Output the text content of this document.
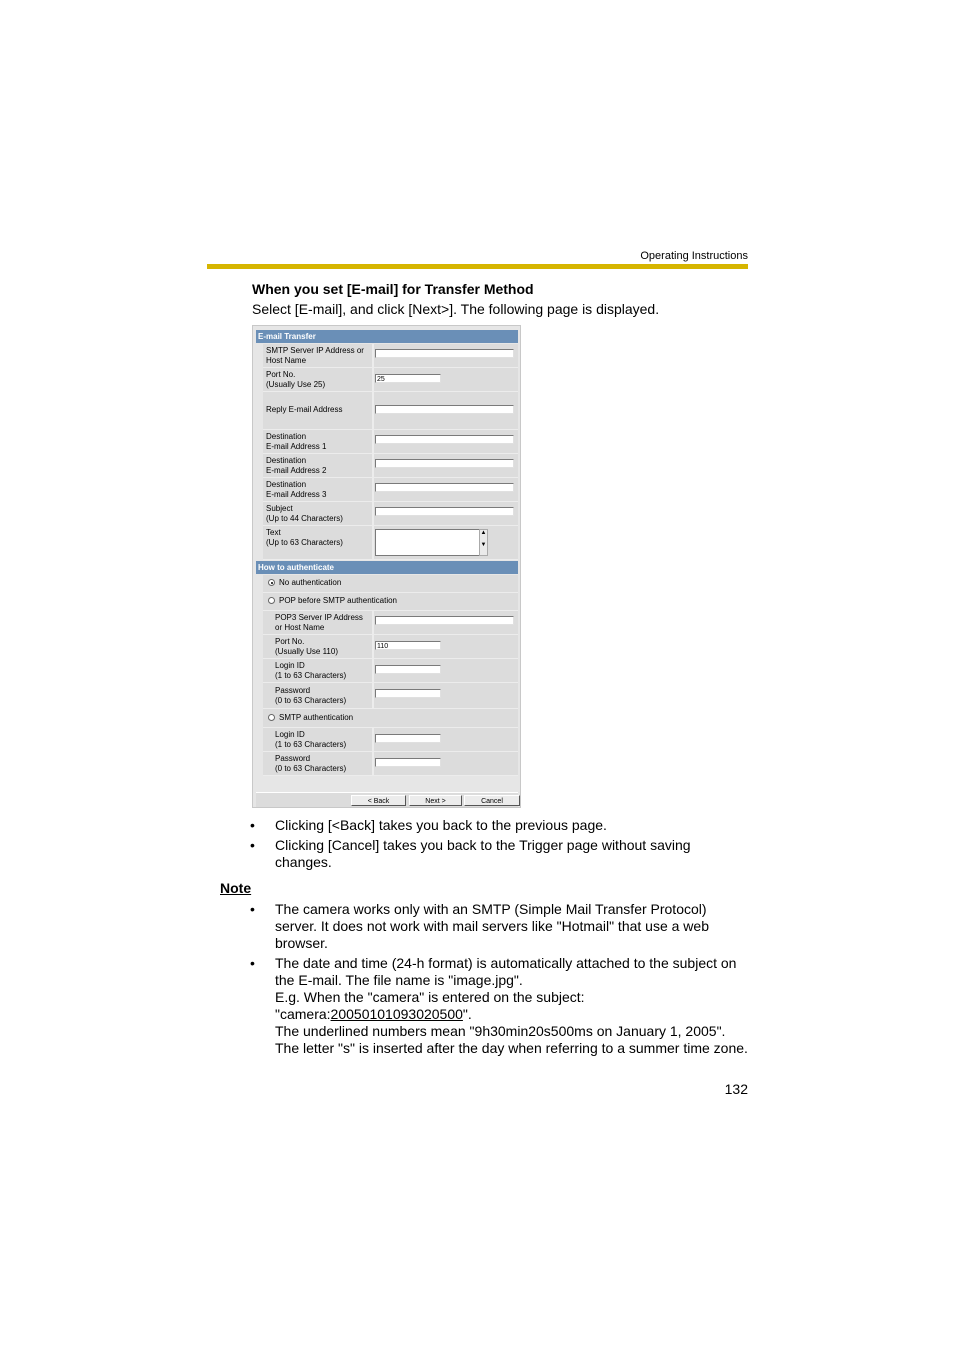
Operating Instructions
When you set [E-mail] for Transfer Method
Select [E-mail], and click [Next>]. The following page is displayed.
E-mail Transfer
SMTP Server IP Address or
Host Name
Port No.
(Usually Use 25)
25
Reply E-mail Address
Destination
E-mail Address 1
Destination
E-mail Address 2
Destination
E-mail Address 3
Subject
(Up to 44 Characters)
Text
(Up to 63 Characters)
▲

▼
How to authenticate
No authentication
POP before SMTP authentication
POP3 Server IP Address
or Host Name
Port No.
(Usually Use 110)
110
Login ID
(1 to 63 Characters)
Password
(0 to 63 Characters)
SMTP authentication
Login ID
(1 to 63 Characters)
Password
(0 to 63 Characters)
< Back	Next >	Cancel
• Clicking [<Back] takes you back to the previous page.
• Clicking [Cancel] takes you back to the Trigger page without saving changes.
Note
• The camera works only with an SMTP (Simple Mail Transfer Protocol) server. It does not work with mail servers like "Hotmail" that use a web browser.
• The date and time (24-h format) is automatically attached to the subject on the E-mail. The file name is "image.jpg".
E.g. When the "camera" is entered on the subject:
"camera:20050101093020500".
The underlined numbers mean "9h30min20s500ms on January 1, 2005".
The letter "s" is inserted after the day when referring to a summer time zone.
132
